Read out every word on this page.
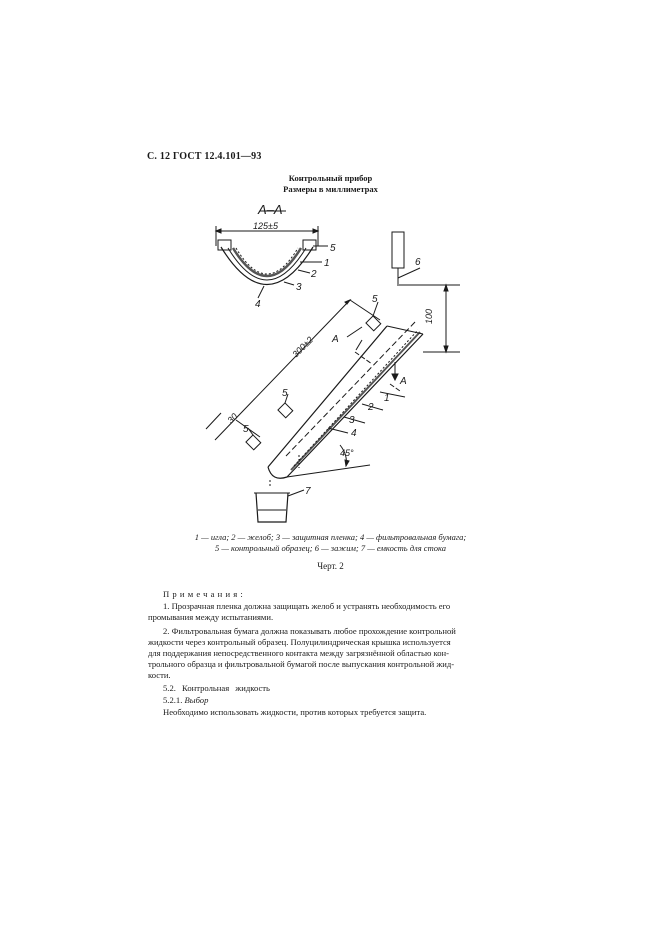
С. 12 ГОСТ 12.4.101—93
Контрольный прибор
Размеры в миллиметрах
А–А
125±5
5
1
2
3
4
6
100
300±2 А
А
5
5
5
30
1
2
3
4
45°
7
1 — игла; 2 — желоб; 3 — защитная пленка; 4 — фильтровальная бумага;
5 — контрольный образец; 6 — зажим; 7 — емкость для стока
Черт. 2
Примечания:
1. Прозрачная пленка должна защищать желоб и устранять необходимость его
промывания между испытаниями.
2. Фильтровальная бумага должна показывать любое прохождение контрольной
жидкости через контрольный образец. Полуцилиндрическая крышка используется
для поддержания непосредственного контакта между загрязнённой областью кон-
трольного образца и фильтровальной бумагой после выпускания контрольной жид-
кости.
5.2. Контрольная жидкость
5.2.1. Выбор
Необходимо использовать жидкости, против которых требуется защита.
